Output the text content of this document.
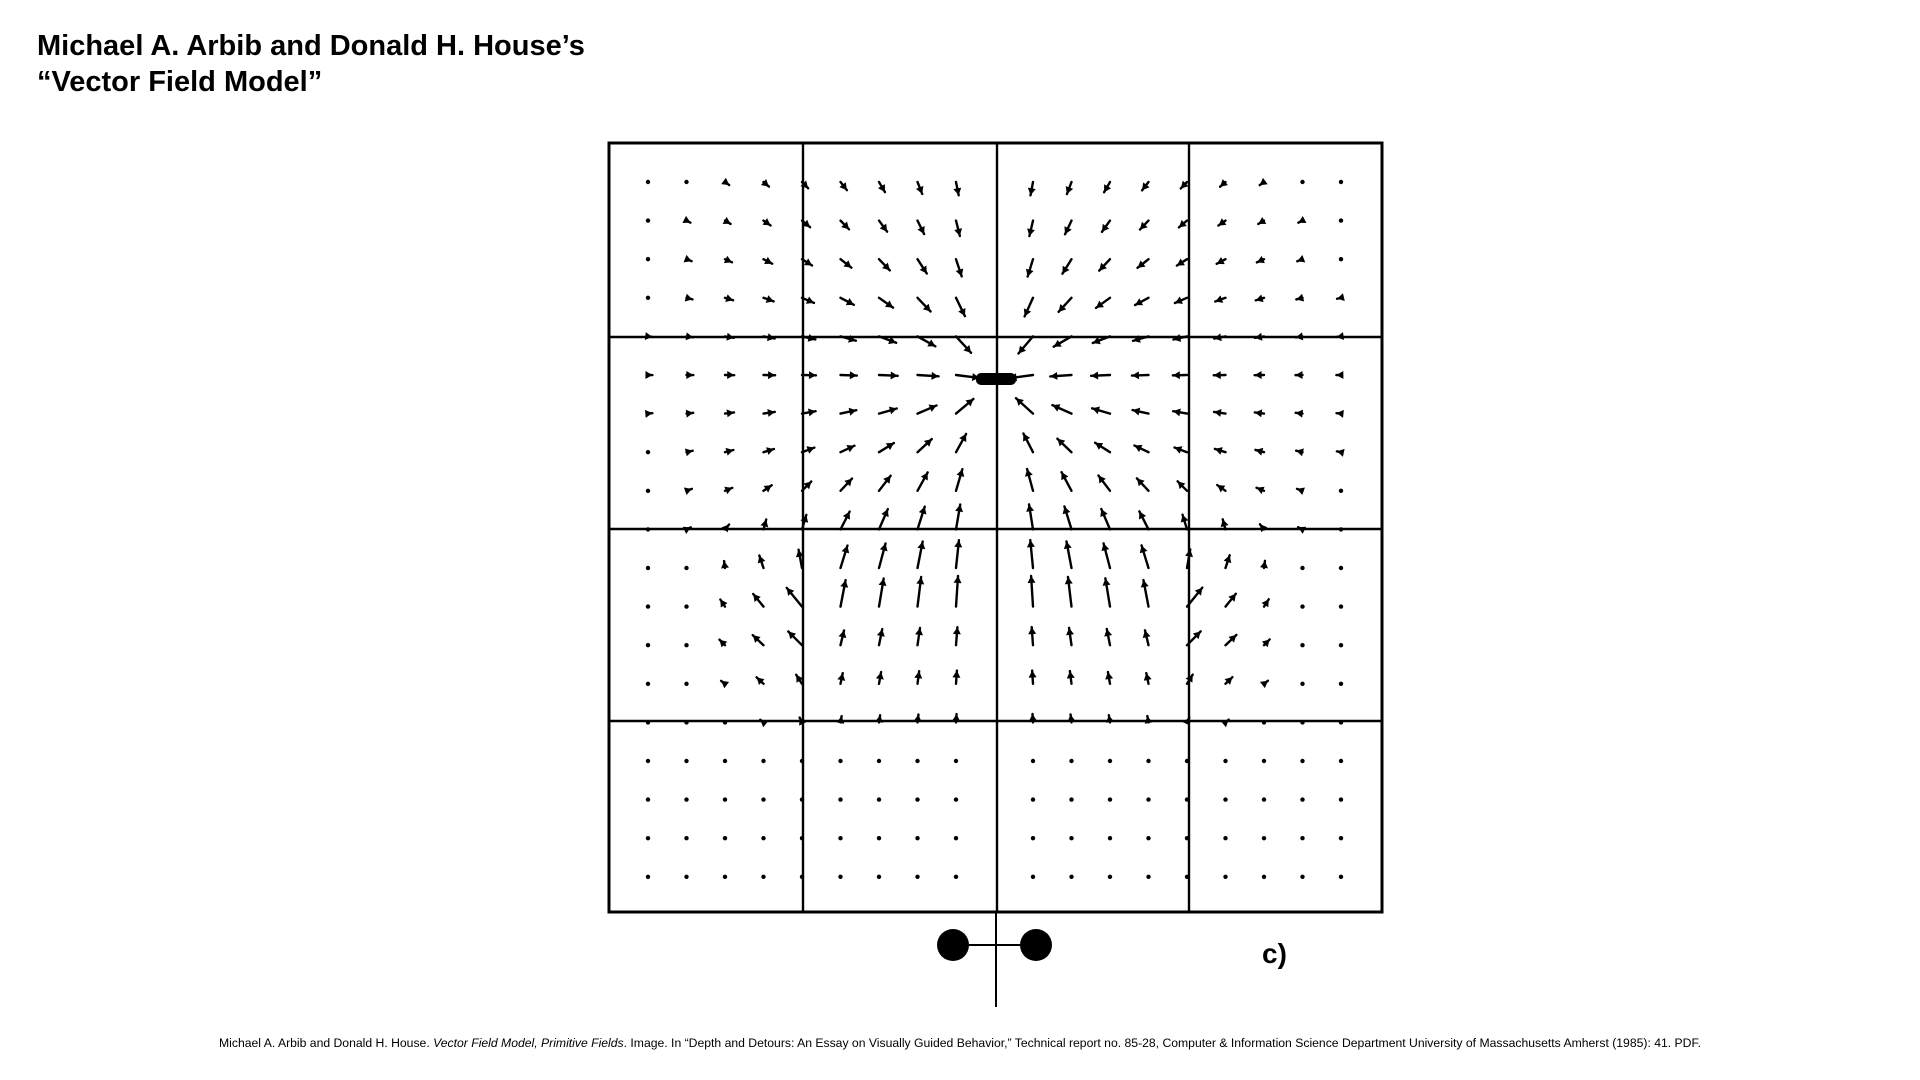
Michael A. Arbib and Donald H. House’s
“Vector Field Model”
c)
Michael A. Arbib and Donald H. House. Vector Field Model, Primitive Fields. Image. In “Depth and Detours: An Essay on Visually Guided Behavior,” Technical report no. 85-28, Computer & Information Science Department University of Massachusetts Amherst (1985): 41. PDF.
